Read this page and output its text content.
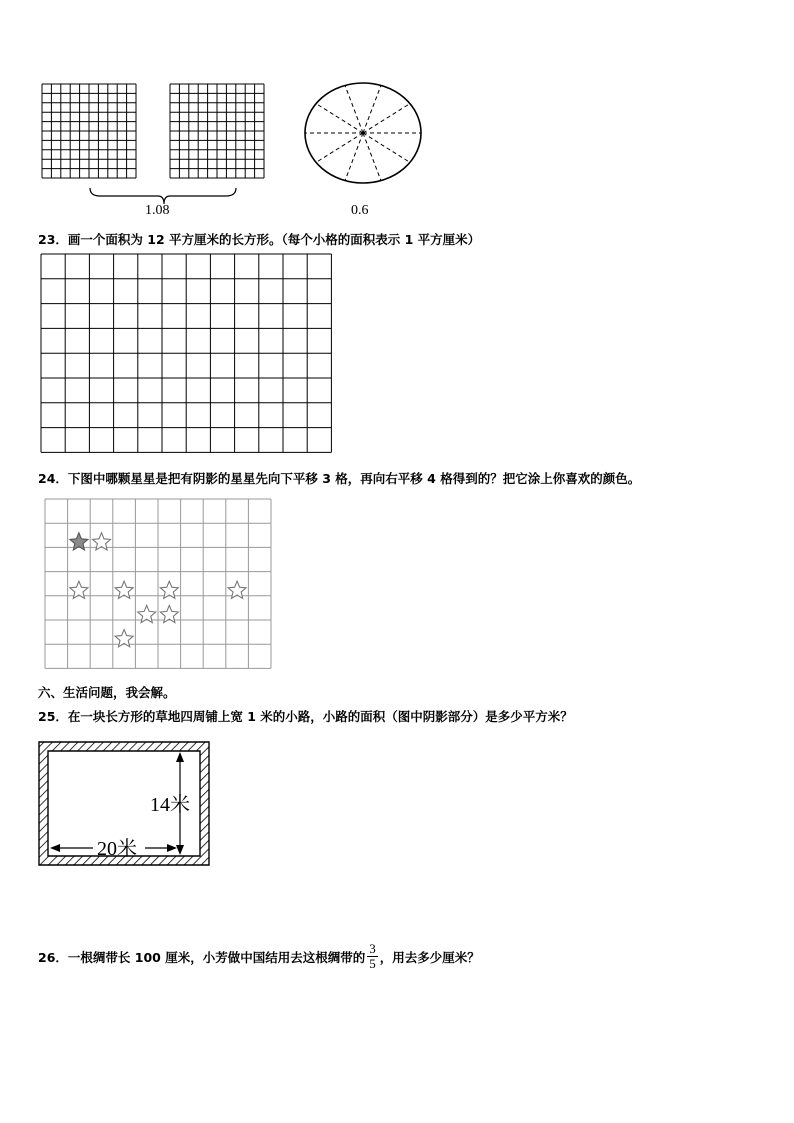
1.08	0.6
23．画一个面积为 12 平方厘米的长方形。（每个小格的面积表示 1 平方厘米）
24．下图中哪颗星星是把有阴影的星星先向下平移 3 格，再向右平移 4 格得到的？把它涂上你喜欢的颜色。
六、生活问题，我会解。
25．在一块长方形的草地四周铺上宽 1 米的小路，小路的面积（图中阴影部分）是多少平方米？
14米
20米
26．一根绸带长 100 厘米，小芳做中国结用去这根绸带的 $\frac{3}{5}$ ，用去多少厘米？
